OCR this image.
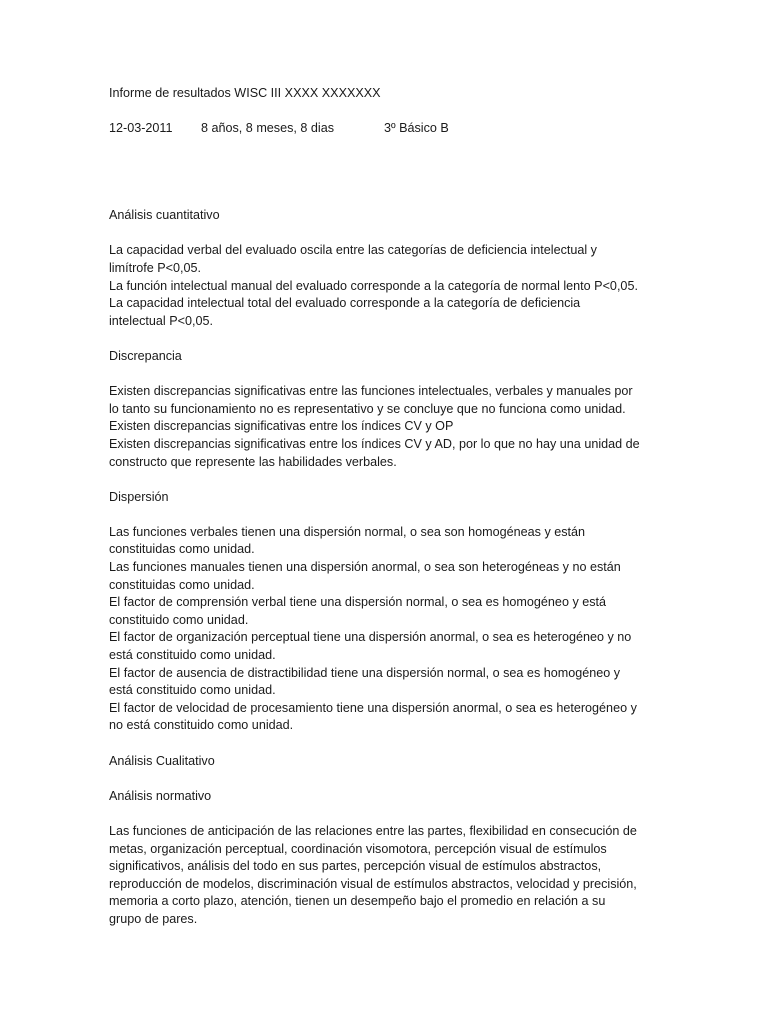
Informe de resultados WISC III XXXX XXXXXXX
12-03-2011	8 años, 8 meses, 8 dias	3º Básico B
Análisis cuantitativo

La capacidad verbal del evaluado oscila entre las categorías de deficiencia intelectual y

limítrofe P<0,05.

La función intelectual manual del evaluado corresponde a la categoría de normal lento P<0,05.

La capacidad intelectual total del evaluado corresponde a la categoría de deficiencia

intelectual P<0,05.

Discrepancia

Existen discrepancias significativas entre las funciones intelectuales, verbales y manuales por

lo tanto su funcionamiento no es representativo y se concluye que no funciona como unidad.

Existen discrepancias significativas entre los índices CV y OP

Existen discrepancias significativas entre los índices CV y AD, por lo que no hay una unidad de

constructo que represente las habilidades verbales.

Dispersión

Las funciones verbales tienen una dispersión normal, o sea son homogéneas y están

constituidas como unidad.

Las funciones manuales tienen una dispersión anormal, o sea son heterogéneas y no están

constituidas como unidad.

El factor de comprensión verbal tiene una dispersión normal, o sea es homogéneo y está

constituido como unidad.

El factor de organización perceptual tiene una dispersión anormal, o sea es heterogéneo y no

está constituido como unidad.

El factor de ausencia de distractibilidad tiene una dispersión normal, o sea es homogéneo y

está constituido como unidad.

El factor de velocidad de procesamiento tiene una dispersión anormal, o sea es heterogéneo y

no está constituido como unidad.

Análisis Cualitativo
Análisis normativo

Las funciones de anticipación de las relaciones entre las partes, flexibilidad en consecución de

metas, organización perceptual, coordinación visomotora, percepción visual de estímulos

significativos, análisis del todo en sus partes, percepción visual de estímulos abstractos,

reproducción de modelos, discriminación visual de estímulos abstractos, velocidad y precisión,

memoria a corto plazo, atención, tienen un desempeño bajo el promedio en relación a su

grupo de pares.
